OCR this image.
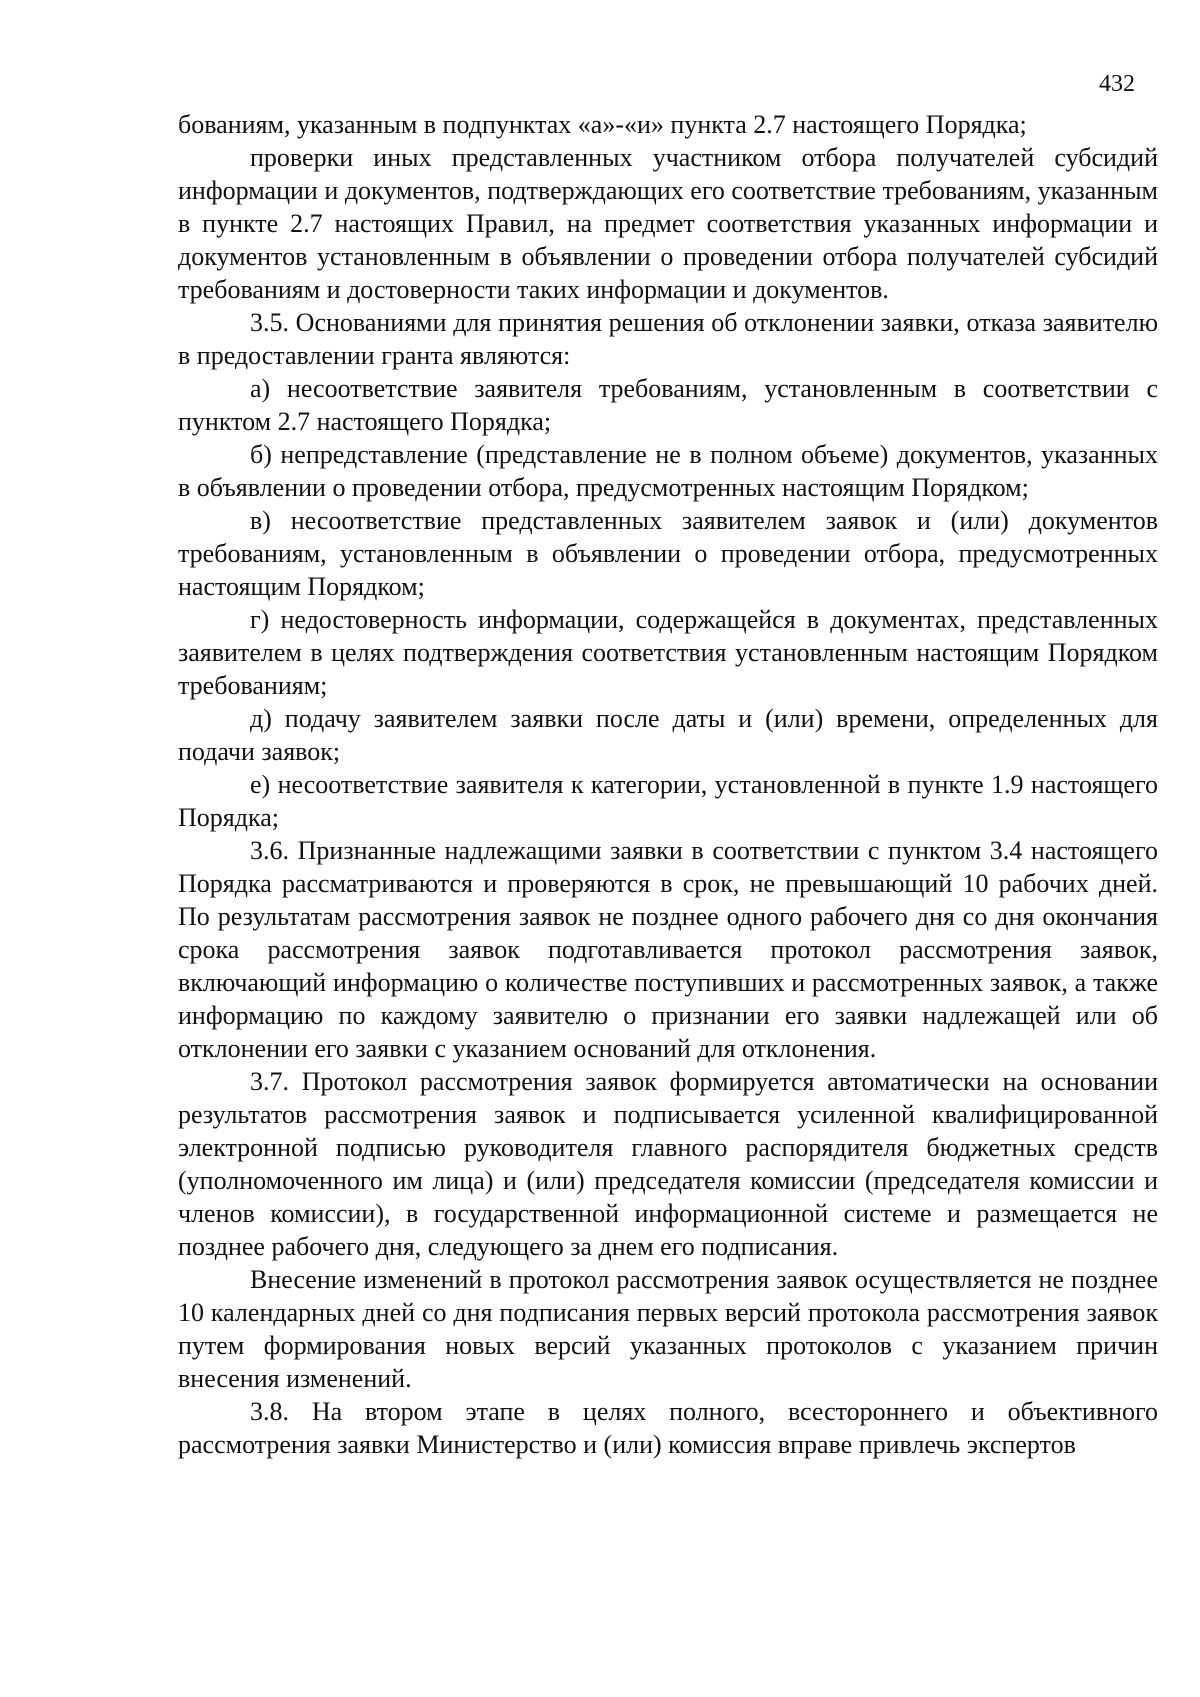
432

бованиям, указанным в подпунктах «а»-«и» пункта 2.7 настоящего Порядка;

проверки иных представленных участником отбора получателей субсидий информации и документов, подтверждающих его соответствие требованиям, указанным в пункте 2.7 настоящих Правил, на предмет соответствия указанных информации и документов установленным в объявлении о проведении отбора получателей субсидий требованиям и достоверности таких информации и документов.

3.5. Основаниями для принятия решения об отклонении заявки, отказа заявителю в предоставлении гранта являются:

а) несоответствие заявителя требованиям, установленным в соответствии с пунктом 2.7 настоящего Порядка;

б) непредставление (представление не в полном объеме) документов, указанных в объявлении о проведении отбора, предусмотренных настоящим Порядком;

в) несоответствие представленных заявителем заявок и (или) документов требованиям, установленным в объявлении о проведении отбора, предусмотренных настоящим Порядком;

г) недостоверность информации, содержащейся в документах, представленных заявителем в целях подтверждения соответствия установленным настоящим Порядком требованиям;

д) подачу заявителем заявки после даты и (или) времени, определенных для подачи заявок;

е) несоответствие заявителя к категории, установленной в пункте 1.9 настоящего Порядка;

3.6. Признанные надлежащими заявки в соответствии с пунктом 3.4 настоящего Порядка рассматриваются и проверяются в срок, не превышающий 10 рабочих дней. По результатам рассмотрения заявок не позднее одного рабочего дня со дня окончания срока рассмотрения заявок подготавливается протокол рассмотрения заявок, включающий информацию о количестве поступивших и рассмотренных заявок, а также информацию по каждому заявителю о признании его заявки надлежащей или об отклонении его заявки с указанием оснований для отклонения.

3.7. Протокол рассмотрения заявок формируется автоматически на основании результатов рассмотрения заявок и подписывается усиленной квалифицированной электронной подписью руководителя главного распорядителя бюджетных средств (уполномоченного им лица) и (или) председателя комиссии (председателя комиссии и членов комиссии), в государственной информационной системе и размещается не позднее рабочего дня, следующего за днем его подписания.

Внесение изменений в протокол рассмотрения заявок осуществляется не позднее 10 календарных дней со дня подписания первых версий протокола рассмотрения заявок путем формирования новых версий указанных протоколов с указанием причин внесения изменений.

3.8. На втором этапе в целях полного, всестороннего и объективного рассмотрения заявки Министерство и (или) комиссия вправе привлечь экспертов
